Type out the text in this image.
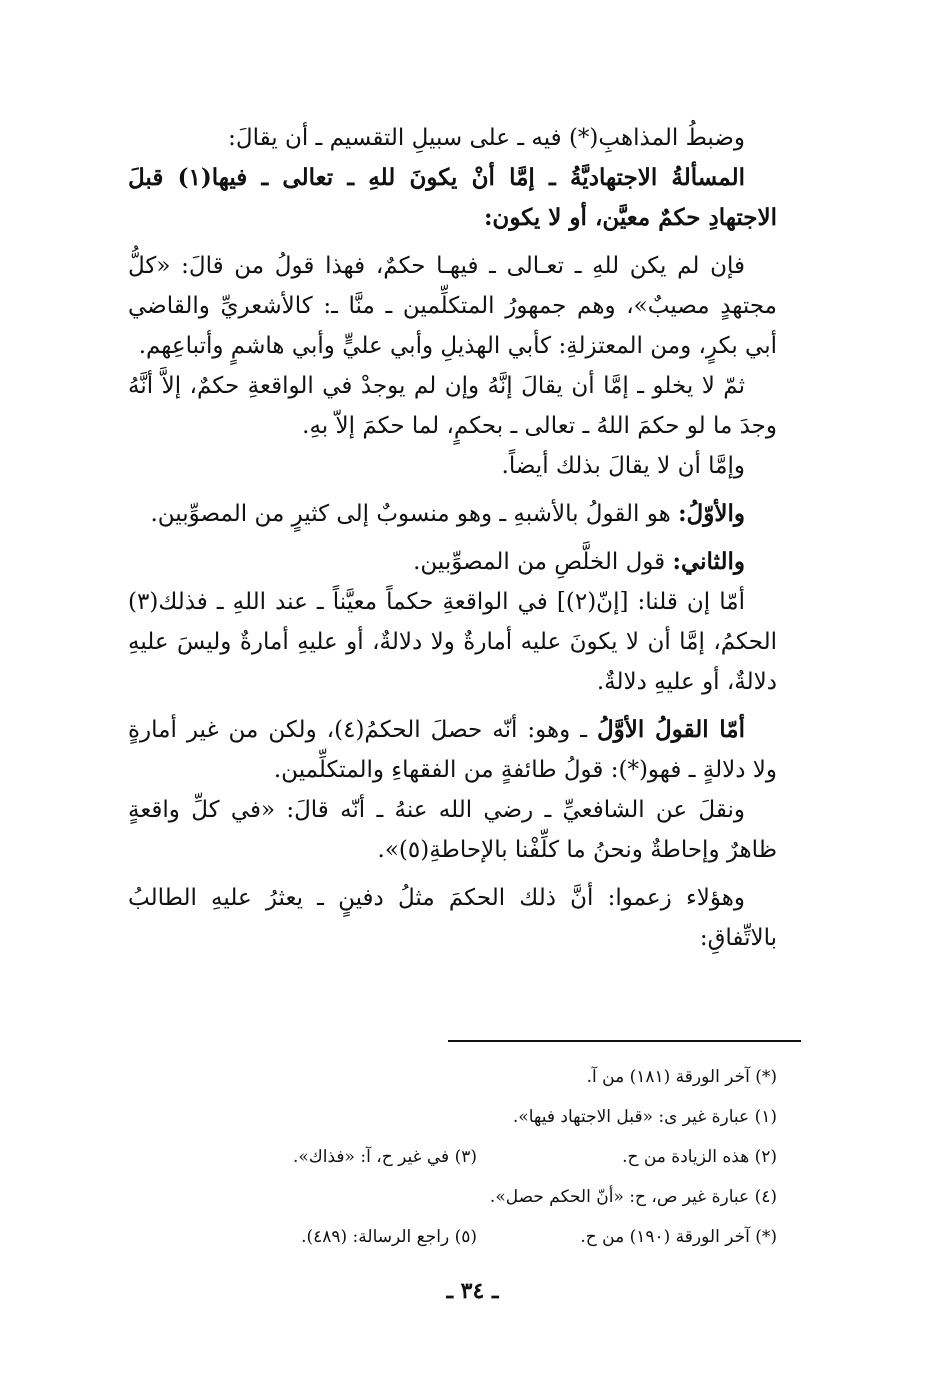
وضبطُ المذاهبِ(*) فيه ـ على سبيلِ التقسيم ـ أن يقالَ:

المسألةُ الاجتهاديَّةُ ـ إمَّا أنْ يكونَ للهِ ـ تعالى ـ فيها(١) قبلَ الاجتهادِ حكمٌ معيَّن، أو لا يكون:

فإن لم يكن للهِ ـ تعـالى ـ فيهـا حكمٌ، فهذا قولُ من قالَ: «كلُّ مجتهدٍ مصيبٌ»، وهم جمهورُ المتكلِّمين ـ منَّا ـ: كالأشعريِّ والقاضي أبي بكرٍ، ومن المعتزلةِ: كأبي الهذيلِ وأبي عليٍّ وأبي هاشمٍ وأتباعِهم.

ثمّ لا يخلو ـ إمَّا أن يقالَ إنَّهُ وإن لم يوجدْ في الواقعةِ حكمٌ، إلاَّ أنَّهُ وجدَ ما لو حكمَ اللهُ ـ تعالى ـ بحكمٍ، لما حكمَ إلاّ بهِ.

وإمَّا أن لا يقالَ بذلك أيضاً.

والأوّلُ: هو القولُ بالأشبهِ ـ وهو منسوبٌ إلى كثيرٍ من المصوِّبين.

والثاني: قول الخلَّصِ من المصوِّبين.

أمّا إن قلنا: [إنّ(٢)] في الواقعةِ حكماً معيَّناً ـ عند اللهِ ـ فذلك(٣) الحكمُ، إمَّا أن لا يكونَ عليه أمارةٌ ولا دلالةٌ، أو عليهِ أمارةٌ وليسَ عليهِ دلالةٌ، أو عليهِ دلالةٌ.

أمّا القولُ الأوَّلُ ـ وهو: أنّه حصلَ الحكمُ(٤)، ولكن من غير أمارةٍ ولا دلالةٍ ـ فهو(*): قولُ طائفةٍ من الفقهاءِ والمتكلِّمين.

ونقلَ عن الشافعيِّ ـ رضي الله عنهُ ـ أنّه قالَ: «في كلِّ واقعةٍ ظاهرٌ وإحاطةٌ ونحنُ ما كلِّفْنا بالإحاطةِ(٥)».

وهؤلاء زعموا: أنَّ ذلك الحكمَ مثلُ دفينٍ ـ يعثرُ عليهِ الطالبُ بالاتِّفاقِ:

(*) آخر الورقة (١٨١) من آ.
(١) عبارة غير ى: «قبل الاجتهاد فيها».
(٢) هذه الزيادة من ح.
(٣) في غير ح، آ: «فذاك».
(٤) عبارة غير ص، ح: «أنّ الحكم حصل».
(*) آخر الورقة (١٩٠) من ح.
(٥) راجع الرسالة: (٤٨٩).
ـ ٣٤ ـ
